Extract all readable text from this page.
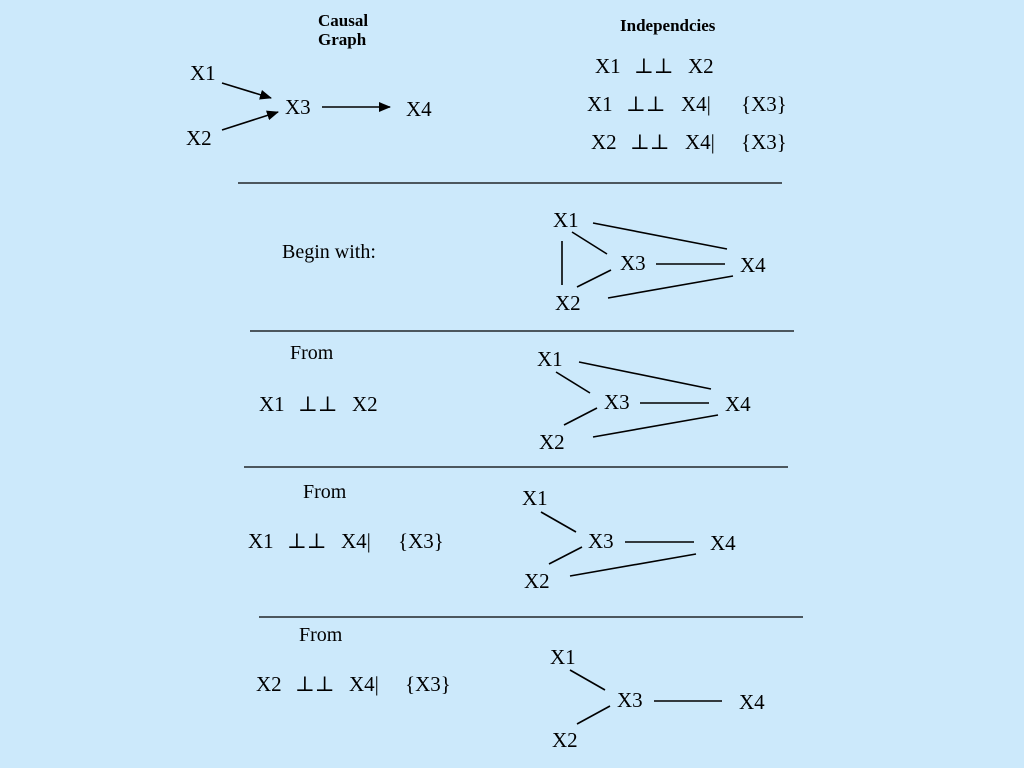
Causal
Graph
Independcies
X1
X2
X3	X4
X1 ⊥⊥ X2
X1 ⊥⊥ X4| {X3}
X2 ⊥⊥ X4| {X3}
Begin with:
X1
X2
X3	X4
From
X1 ⊥⊥ X2
X1
X2
X3	X4
From
X1 ⊥⊥ X4| {X3}
X1
X2
X3	X4
From
X2 ⊥⊥ X4| {X3}
X1
X2
X3	X4
